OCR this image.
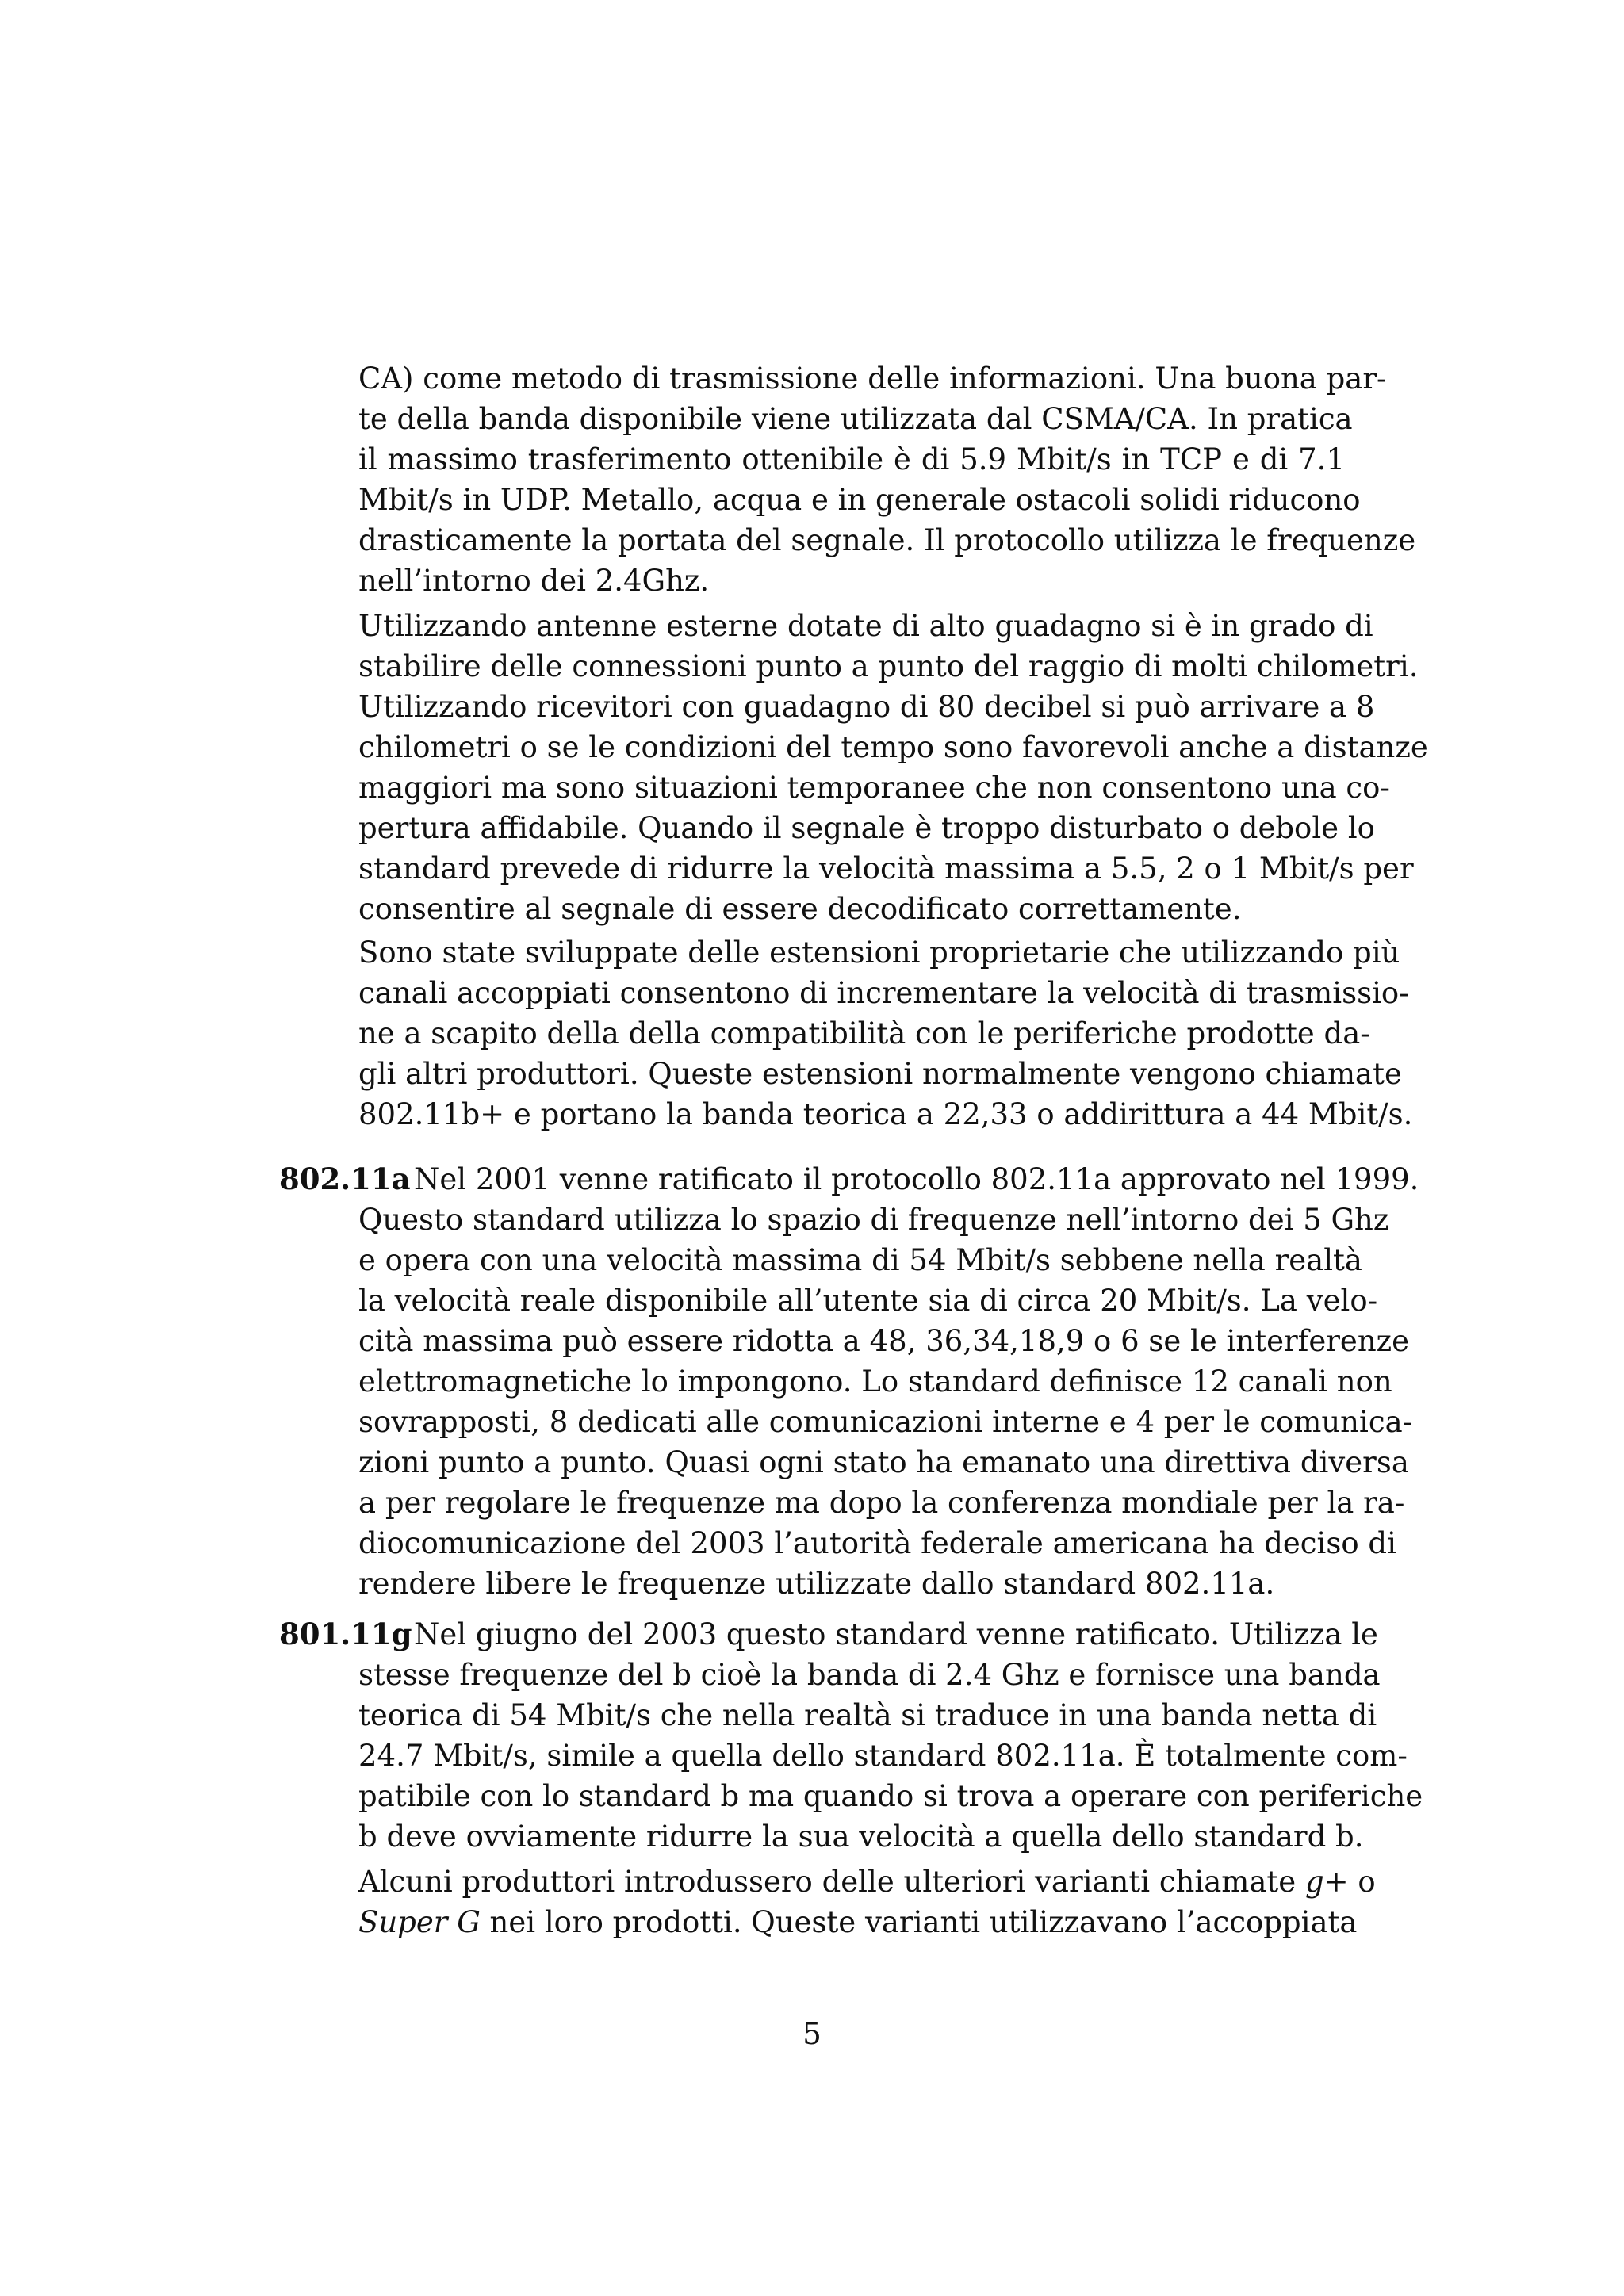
CA) come metodo di trasmissione delle informazioni. Una buona par-
te della banda disponibile viene utilizzata dal CSMA/CA. In pratica
il massimo trasferimento ottenibile è di 5.9 Mbit/s in TCP e di 7.1
Mbit/s in UDP. Metallo, acqua e in generale ostacoli solidi riducono
drasticamente la portata del segnale. Il protocollo utilizza le frequenze
nell’intorno dei 2.4Ghz.
Utilizzando antenne esterne dotate di alto guadagno si è in grado di
stabilire delle connessioni punto a punto del raggio di molti chilometri.
Utilizzando ricevitori con guadagno di 80 decibel si può arrivare a 8
chilometri o se le condizioni del tempo sono favorevoli anche a distanze
maggiori ma sono situazioni temporanee che non consentono una co-
pertura affidabile. Quando il segnale è troppo disturbato o debole lo
standard prevede di ridurre la velocità massima a 5.5, 2 o 1 Mbit/s per
consentire al segnale di essere decodificato correttamente.
Sono state sviluppate delle estensioni proprietarie che utilizzando più
canali accoppiati consentono di incrementare la velocità di trasmissio-
ne a scapito della della compatibilità con le periferiche prodotte da-
gli altri produttori. Queste estensioni normalmente vengono chiamate
802.11b+ e portano la banda teorica a 22,33 o addirittura a 44 Mbit/s.
802.11a Nel 2001 venne ratificato il protocollo 802.11a approvato nel 1999.
Questo standard utilizza lo spazio di frequenze nell’intorno dei 5 Ghz
e opera con una velocità massima di 54 Mbit/s sebbene nella realtà
la velocità reale disponibile all’utente sia di circa 20 Mbit/s. La velo-
cità massima può essere ridotta a 48, 36,34,18,9 o 6 se le interferenze
elettromagnetiche lo impongono. Lo standard definisce 12 canali non
sovrapposti, 8 dedicati alle comunicazioni interne e 4 per le comunica-
zioni punto a punto. Quasi ogni stato ha emanato una direttiva diversa
a per regolare le frequenze ma dopo la conferenza mondiale per la ra-
diocomunicazione del 2003 l’autorità federale americana ha deciso di
rendere libere le frequenze utilizzate dallo standard 802.11a.
801.11g Nel giugno del 2003 questo standard venne ratificato. Utilizza le
stesse frequenze del b cioè la banda di 2.4 Ghz e fornisce una banda
teorica di 54 Mbit/s che nella realtà si traduce in una banda netta di
24.7 Mbit/s, simile a quella dello standard 802.11a. È totalmente com-
patibile con lo standard b ma quando si trova a operare con periferiche
b deve ovviamente ridurre la sua velocità a quella dello standard b.
Alcuni produttori introdussero delle ulteriori varianti chiamate g+ o
Super G nei loro prodotti. Queste varianti utilizzavano l’accoppiata
5
